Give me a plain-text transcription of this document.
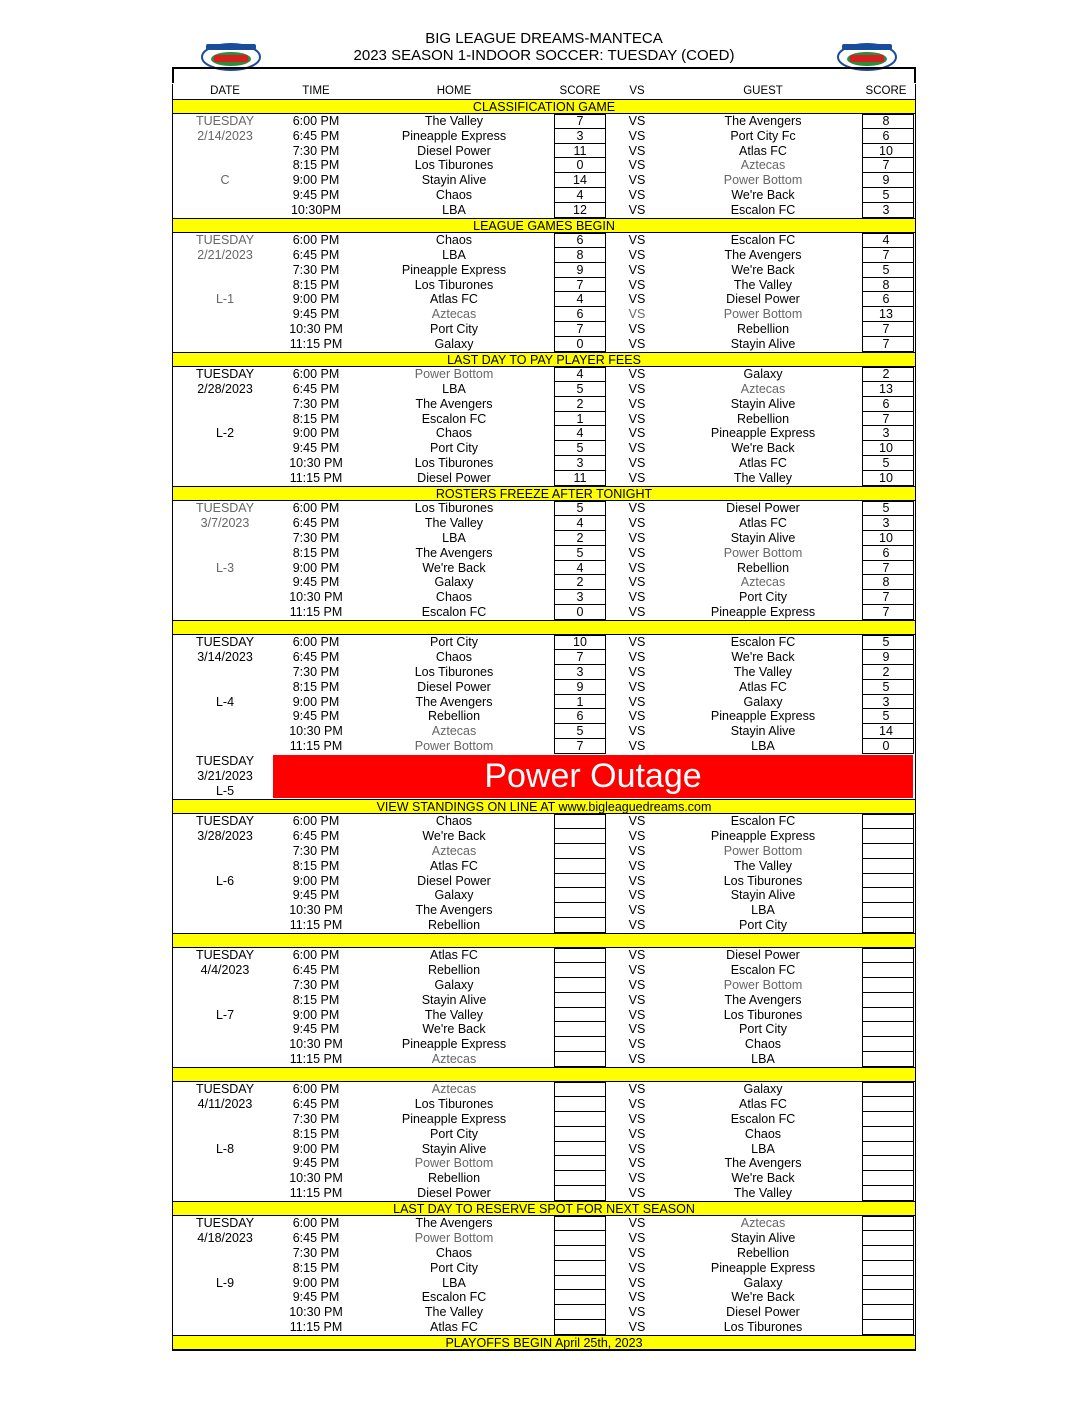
BIG LEAGUE DREAMS-MANTECA
2023 SEASON 1-INDOOR SOCCER: TUESDAY (COED)
DATE	TIME	HOME	SCORE	VS	GUEST	SCORE
CLASSIFICATION GAME
TUESDAY	6:00 PM	The Valley	7	VS	The Avengers	8
2/14/2023	6:45 PM	Pineapple Express	3	VS	Port City Fc	6
7:30 PM	Diesel Power	11	VS	Atlas FC	10
8:15 PM	Los Tiburones	0	VS	Aztecas	7
C	9:00 PM	Stayin Alive	14	VS	Power Bottom	9
9:45 PM	Chaos	4	VS	We're Back	5
10:30PM	LBA	12	VS	Escalon FC	3
LEAGUE GAMES BEGIN
TUESDAY	6:00 PM	Chaos	6	VS	Escalon FC	4
2/21/2023	6:45 PM	LBA	8	VS	The Avengers	7
7:30 PM	Pineapple Express	9	VS	We're Back	5
8:15 PM	Los Tiburones	7	VS	The Valley	8
L-1	9:00 PM	Atlas FC	4	VS	Diesel Power	6
9:45 PM	Aztecas	6	VS	Power Bottom	13
10:30 PM	Port City	7	VS	Rebellion	7
11:15 PM	Galaxy	0	VS	Stayin Alive	7
LAST DAY TO PAY PLAYER FEES
TUESDAY	6:00 PM	Power Bottom	4	VS	Galaxy	2
2/28/2023	6:45 PM	LBA	5	VS	Aztecas	13
7:30 PM	The Avengers	2	VS	Stayin Alive	6
8:15 PM	Escalon FC	1	VS	Rebellion	7
L-2	9:00 PM	Chaos	4	VS	Pineapple Express	3
9:45 PM	Port City	5	VS	We're Back	10
10:30 PM	Los Tiburones	3	VS	Atlas FC	5
11:15 PM	Diesel Power	11	VS	The Valley	10
ROSTERS FREEZE AFTER TONIGHT
TUESDAY	6:00 PM	Los Tiburones	5	VS	Diesel Power	5
3/7/2023	6:45 PM	The Valley	4	VS	Atlas FC	3
7:30 PM	LBA	2	VS	Stayin Alive	10
8:15 PM	The Avengers	5	VS	Power Bottom	6
L-3	9:00 PM	We're Back	4	VS	Rebellion	7
9:45 PM	Galaxy	2	VS	Aztecas	8
10:30 PM	Chaos	3	VS	Port City	7
11:15 PM	Escalon FC	0	VS	Pineapple Express	7
TUESDAY	6:00 PM	Port City	10	VS	Escalon FC	5
3/14/2023	6:45 PM	Chaos	7	VS	We're Back	9
7:30 PM	Los Tiburones	3	VS	The Valley	2
8:15 PM	Diesel Power	9	VS	Atlas FC	5
L-4	9:00 PM	The Avengers	1	VS	Galaxy	3
9:45 PM	Rebellion	6	VS	Pineapple Express	5
10:30 PM	Aztecas	5	VS	Stayin Alive	14
11:15 PM	Power Bottom	7	VS	LBA	0
TUESDAY
3/21/2023
L-5	Power Outage
VIEW STANDINGS ON LINE AT www.bigleaguedreams.com
TUESDAY	6:00 PM	Chaos	VS	Escalon FC
3/28/2023	6:45 PM	We're Back	VS	Pineapple Express
7:30 PM	Aztecas	VS	Power Bottom
8:15 PM	Atlas FC	VS	The Valley
L-6	9:00 PM	Diesel Power	VS	Los Tiburones
9:45 PM	Galaxy	VS	Stayin Alive
10:30 PM	The Avengers	VS	LBA
11:15 PM	Rebellion	VS	Port City
TUESDAY	6:00 PM	Atlas FC	VS	Diesel Power
4/4/2023	6:45 PM	Rebellion	VS	Escalon FC
7:30 PM	Galaxy	VS	Power Bottom
8:15 PM	Stayin Alive	VS	The Avengers
L-7	9:00 PM	The Valley	VS	Los Tiburones
9:45 PM	We're Back	VS	Port City
10:30 PM	Pineapple Express	VS	Chaos
11:15 PM	Aztecas	VS	LBA
TUESDAY	6:00 PM	Aztecas	VS	Galaxy
4/11/2023	6:45 PM	Los Tiburones	VS	Atlas FC
7:30 PM	Pineapple Express	VS	Escalon FC
8:15 PM	Port City	VS	Chaos
L-8	9:00 PM	Stayin Alive	VS	LBA
9:45 PM	Power Bottom	VS	The Avengers
10:30 PM	Rebellion	VS	We're Back
11:15 PM	Diesel Power	VS	The Valley
LAST DAY TO RESERVE SPOT FOR NEXT SEASON
TUESDAY	6:00 PM	The Avengers	VS	Aztecas
4/18/2023	6:45 PM	Power Bottom	VS	Stayin Alive
7:30 PM	Chaos	VS	Rebellion
8:15 PM	Port City	VS	Pineapple Express
L-9	9:00 PM	LBA	VS	Galaxy
9:45 PM	Escalon FC	VS	We're Back
10:30 PM	The Valley	VS	Diesel Power
11:15 PM	Atlas FC	VS	Los Tiburones
PLAYOFFS BEGIN April 25th, 2023
